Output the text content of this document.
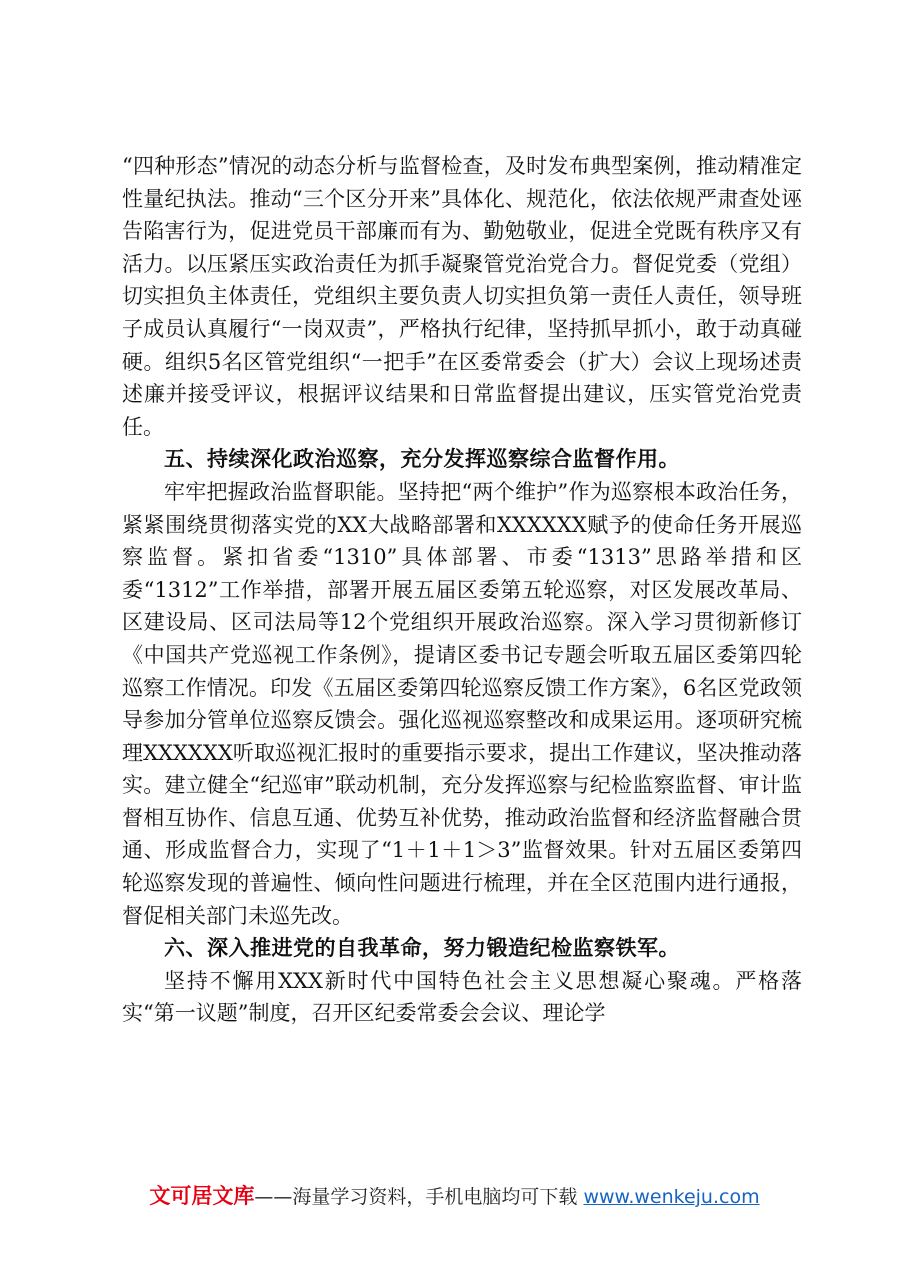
“四种形态”情况的动态分析与监督检查，及时发布典型案例，推动精准定性量纪执法。推动“三个区分开来”具体化、规范化，依法依规严肃查处诬告陷害行为，促进党员干部廉而有为、勤勉敬业，促进全党既有秩序又有活力。以压紧压实政治责任为抓手凝聚管党治党合力。督促党委（党组）切实担负主体责任，党组织主要负责人切实担负第一责任人责任，领导班子成员认真履行“一岗双责”，严格执行纪律，坚持抓早抓小，敢于动真碰硬。组织5名区管党组织“一把手”在区委常委会（扩大）会议上现场述责述廉并接受评议，根据评议结果和日常监督提出建议，压实管党治党责任。

五、持续深化政治巡察，充分发挥巡察综合监督作用。

牢牢把握政治监督职能。坚持把“两个维护”作为巡察根本政治任务，紧紧围绕贯彻落实党的XX大战略部署和XXXXXX赋予的使命任务开展巡察监督。紧扣省委“1310”具体部署、市委“1313”思路举措和区委“1312”工作举措，部署开展五届区委第五轮巡察，对区发展改革局、区建设局、区司法局等12个党组织开展政治巡察。深入学习贯彻新修订《中国共产党巡视工作条例》，提请区委书记专题会听取五届区委第四轮巡察工作情况。印发《五届区委第四轮巡察反馈工作方案》，6名区党政领导参加分管单位巡察反馈会。强化巡视巡察整改和成果运用。逐项研究梳理XXXXXX听取巡视汇报时的重要指示要求，提出工作建议，坚决推动落实。建立健全“纪巡审”联动机制，充分发挥巡察与纪检监察监督、审计监督相互协作、信息互通、优势互补优势，推动政治监督和经济监督融合贯通、形成监督合力，实现了“1＋1＋1＞3”监督效果。针对五届区委第四轮巡察发现的普遍性、倾向性问题进行梳理，并在全区范围内进行通报，督促相关部门未巡先改。

六、深入推进党的自我革命，努力锻造纪检监察铁军。

坚持不懈用XXX新时代中国特色社会主义思想凝心聚魂。严格落实“第一议题”制度，召开区纪委常委会会议、理论学

文可居文库——海量学习资料，手机电脑均可下载 www.wenkeju.com
